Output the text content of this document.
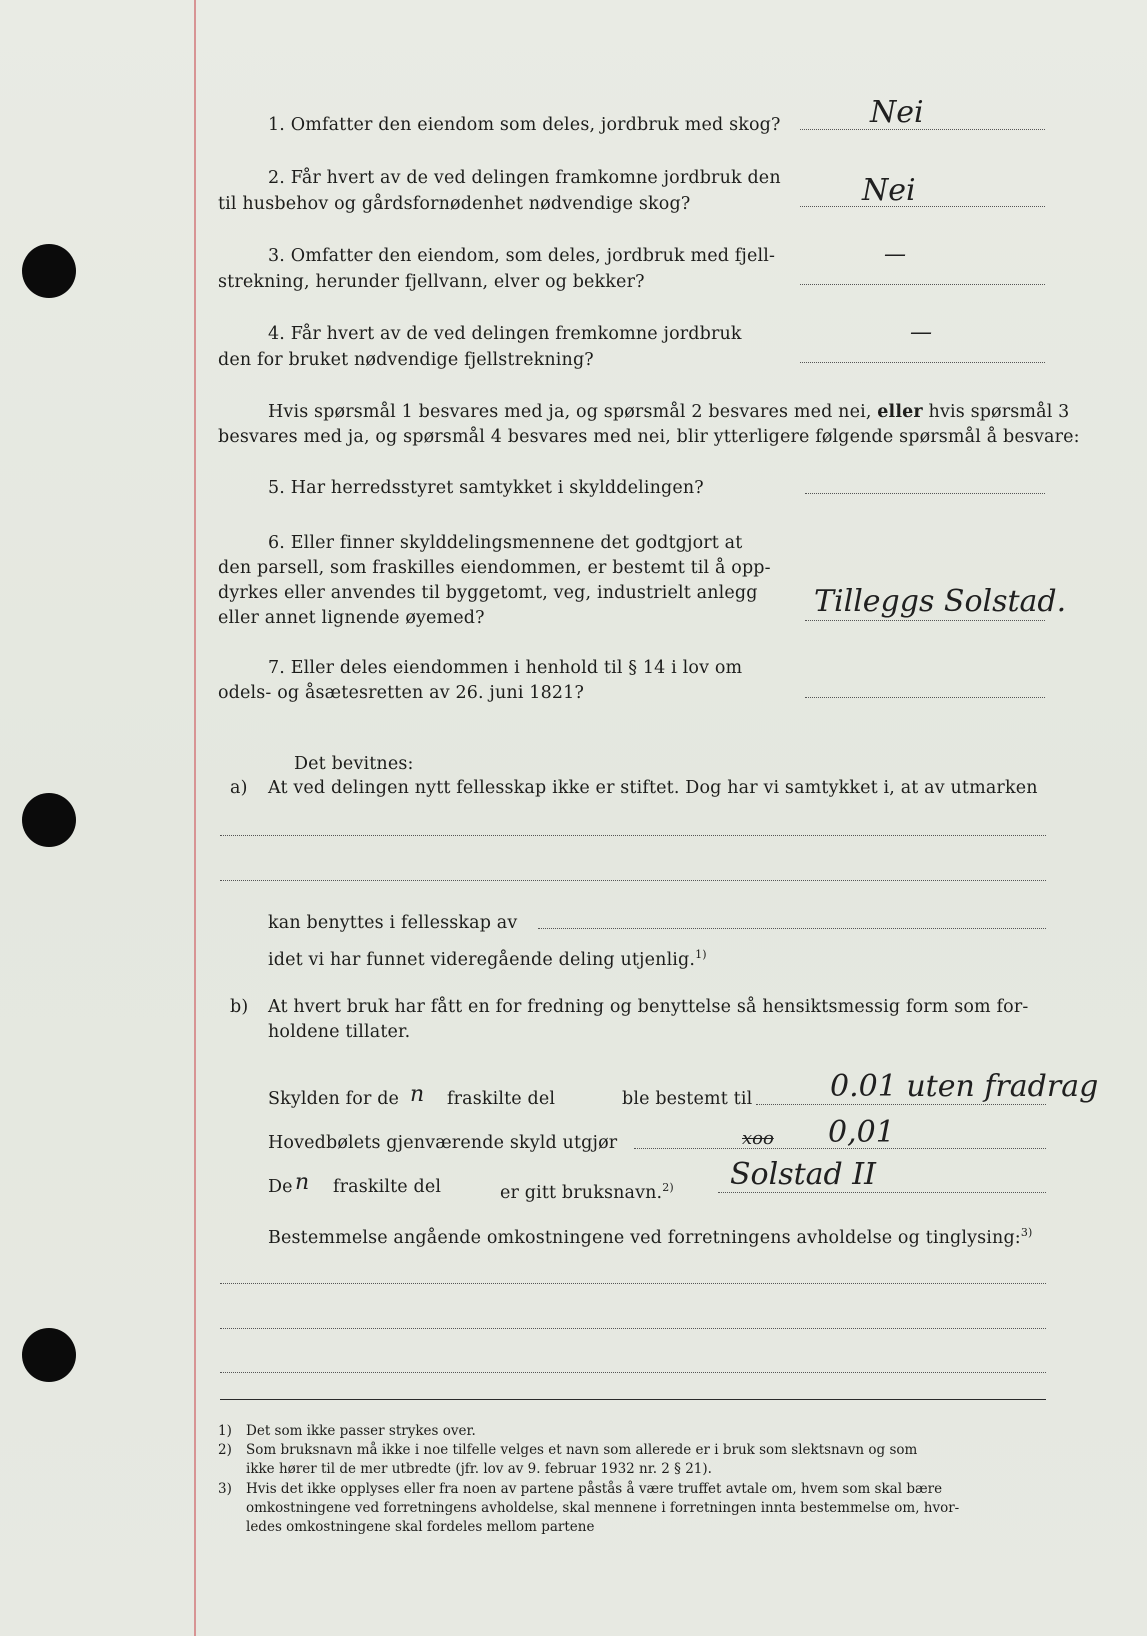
1. Omfatter den eiendom som deles, jordbruk med skog?	Nei
2. Får hvert av de ved delingen framkomne jordbruk den
til husbehov og gårdsfornødenhet nødvendige skog?	Nei
3. Omfatter den eiendom, som deles, jordbruk med fjell-
strekning, herunder fjellvann, elver og bekker?
—
4. Får hvert av de ved delingen fremkomne jordbruk
den for bruket nødvendige fjellstrekning?
—
Hvis spørsmål 1 besvares med ja, og spørsmål 2 besvares med nei, eller hvis spørsmål 3
besvares med ja, og spørsmål 4 besvares med nei, blir ytterligere følgende spørsmål å besvare:
5. Har herredsstyret samtykket i skylddelingen?
6. Eller finner skylddelingsmennene det godtgjort at
den parsell, som fraskilles eiendommen, er bestemt til å opp-
dyrkes eller anvendes til byggetomt, veg, industrielt anlegg
eller annet lignende øyemed?	Tilleggs Solstad.
7. Eller deles eiendommen i henhold til § 14 i lov om
odels- og åsætesretten av 26. juni 1821?
Det bevitnes:
a) At ved delingen nytt fellesskap ikke er stiftet. Dog har vi samtykket i, at av utmarken
kan benyttes i fellesskap av
idet vi har funnet videregående deling utjenlig.$^{1)}$
b) At hvert bruk har fått en for fredning og benyttelse så hensiktsmessig form som for-
holdene tillater.
Skylden for de n fraskilte del	ble bestemt til	0.01 uten fradrag
Hovedbølets gjenværende skyld utgjør	xoo 0,01
De n fraskilte del	er gitt bruksnavn.$^{2)}$ Solstad II
Bestemmelse angående omkostningene ved forretningens avholdelse og tinglysing:$^{3)}$
1) Det som ikke passer strykes over.
2) Som bruksnavn må ikke i noe tilfelle velges et navn som allerede er i bruk som slektsnavn og som
ikke hører til de mer utbredte (jfr. lov av 9. februar 1932 nr. 2 § 21).
3) Hvis det ikke opplyses eller fra noen av partene påstås å være truffet avtale om, hvem som skal bære
omkostningene ved forretningens avholdelse, skal mennene i forretningen innta bestemmelse om, hvor-
ledes omkostningene skal fordeles mellom partene
